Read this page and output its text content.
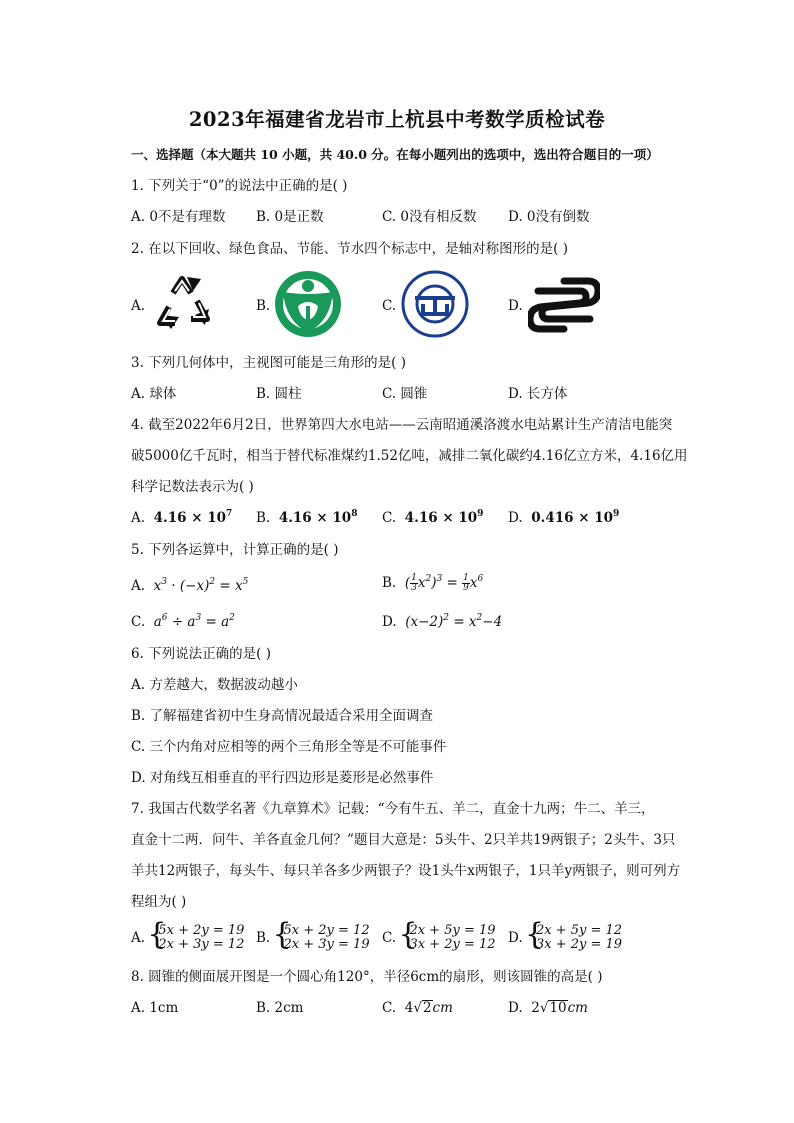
2023年福建省龙岩市上杭县中考数学质检试卷
一、选择题（本大题共 10 小题，共 40.0 分。在每小题列出的选项中，选出符合题目的一项）
1. 下列关于“0”的说法中正确的是( )
A. 0不是有理数 B. 0是正数	C. 0没有相反数 D. 0没有倒数
2. 在以下回收、绿色食品、节能、节水四个标志中，是轴对称图形的是( )
A.	B.	C.	D.
3. 下列几何体中，主视图可能是三角形的是( )
A. 球体	B. 圆柱	C. 圆锥	D. 长方体
4. 截至2022年6月2日，世界第四大水电站——云南昭通溪洛渡水电站累计生产清洁电能突
破5000亿千瓦时，相当于替代标准煤约1.52亿吨，减排二氧化碳约4.16亿立方米，4.16亿用
科学记数法表示为( )
A. $4.16 \times 10^7$ B. $4.16 \times 10^8$ C. $4.16 \times 10^9$ D. $0.416 \times 10^9$
5. 下列各运算中，计算正确的是( )
A. $x^3 \cdot (-x)^2 = x^5$	B. ( $\frac{1}{3} x^2)^3 = \frac{1}{9} x^6$
C. $a^6 \div a^3 = a^2$	D. $(x-2)^2 = x^2-4$
6. 下列说法正确的是( )
A. 方差越大，数据波动越小
B. 了解福建省初中生身高情况最适合采用全面调查
C. 三个内角对应相等的两个三角形全等是不可能事件
D. 对角线互相垂直的平行四边形是菱形是必然事件
7. 我国古代数学名著《九章算术》记载：“今有牛五、羊二，直金十九两；牛二、羊三，
直金十二两．问牛、羊各直金几何？”题目大意是：5头牛、2只羊共19两银子；2头牛、3只
羊共12两银子，每头牛、每只羊各多少两银子？设1头牛x两银子，1只羊y两银子，则可列方
程组为( )
A. { 5x + 2y = 19
2x + 3y = 12 B. { 5x + 2y = 12
2x + 3y = 19 C. { 2x + 5y = 19
3x + 2y = 12 D. { 2x + 5y = 12
3x + 2y = 19
8. 圆锥的侧面展开图是一个圆心角120°，半径6cm的扇形，则该圆锥的高是( )
A. 1cm	B. 2cm	C. 4√2cm	D. 2√10cm
